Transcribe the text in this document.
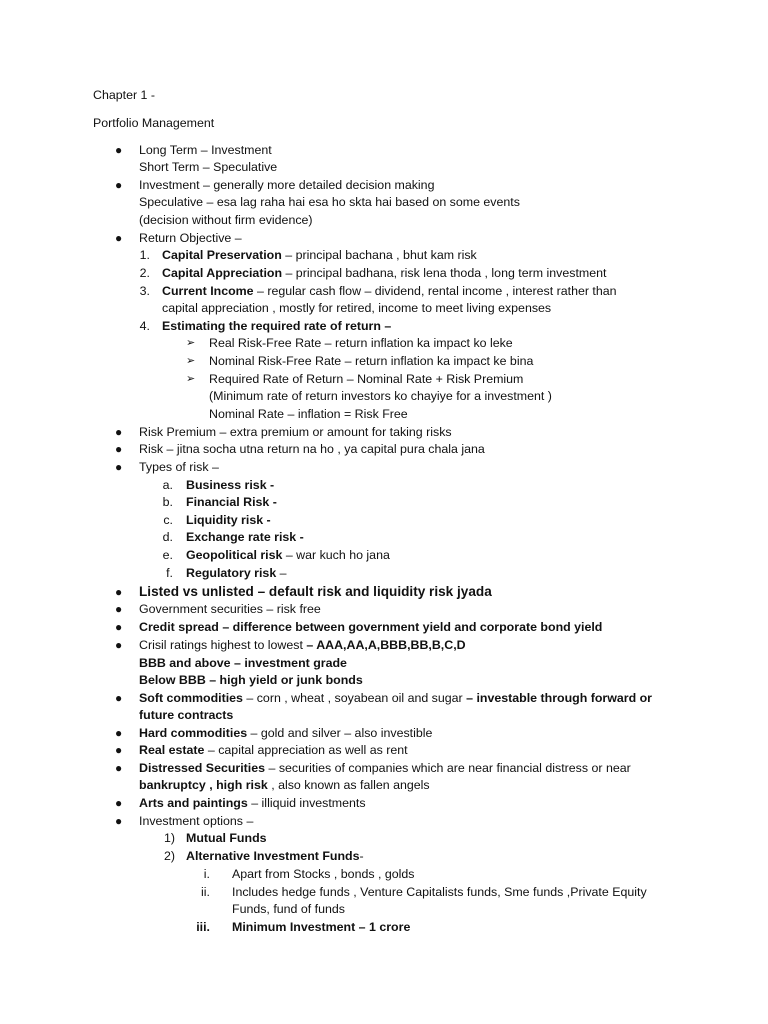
Chapter 1 -
Portfolio Management
● Long Term – Investment
Short Term – Speculative
● Investment – generally more detailed decision making
Speculative – esa lag raha hai esa ho skta hai based on some events
(decision without firm evidence)
● Return Objective –
1. Capital Preservation – principal bachana , bhut kam risk
2. Capital Appreciation – principal badhana, risk lena thoda , long term investment
3. Current Income – regular cash flow – dividend, rental income , interest rather than
capital appreciation , mostly for retired, income to meet living expenses
4. Estimating the required rate of return –
➢ Real Risk-Free Rate – return inflation ka impact ko leke
➢ Nominal Risk-Free Rate – return inflation ka impact ke bina
➢ Required Rate of Return – Nominal Rate + Risk Premium
(Minimum rate of return investors ko chayiye for a investment )
Nominal Rate – inflation = Risk Free
● Risk Premium – extra premium or amount for taking risks
● Risk – jitna socha utna return na ho , ya capital pura chala jana
● Types of risk –
a. Business risk -
b. Financial Risk -
c. Liquidity risk -
d. Exchange rate risk -
e. Geopolitical risk – war kuch ho jana
f. Regulatory risk –
● Listed vs unlisted – default risk and liquidity risk jyada
● Government securities – risk free
● Credit spread – difference between government yield and corporate bond yield
● Crisil ratings highest to lowest – AAA,AA,A,BBB,BB,B,C,D
BBB and above – investment grade
Below BBB – high yield or junk bonds
● Soft commodities – corn , wheat , soyabean oil and sugar – investable through forward or
future contracts
● Hard commodities – gold and silver – also investible
● Real estate – capital appreciation as well as rent
● Distressed Securities – securities of companies which are near financial distress or near
bankruptcy , high risk , also known as fallen angels
● Arts and paintings – illiquid investments
● Investment options –
1) Mutual Funds
2) Alternative Investment Funds-
i. Apart from Stocks , bonds , golds
ii. Includes hedge funds , Venture Capitalists funds, Sme funds ,Private Equity
Funds, fund of funds
iii. Minimum Investment – 1 crore
